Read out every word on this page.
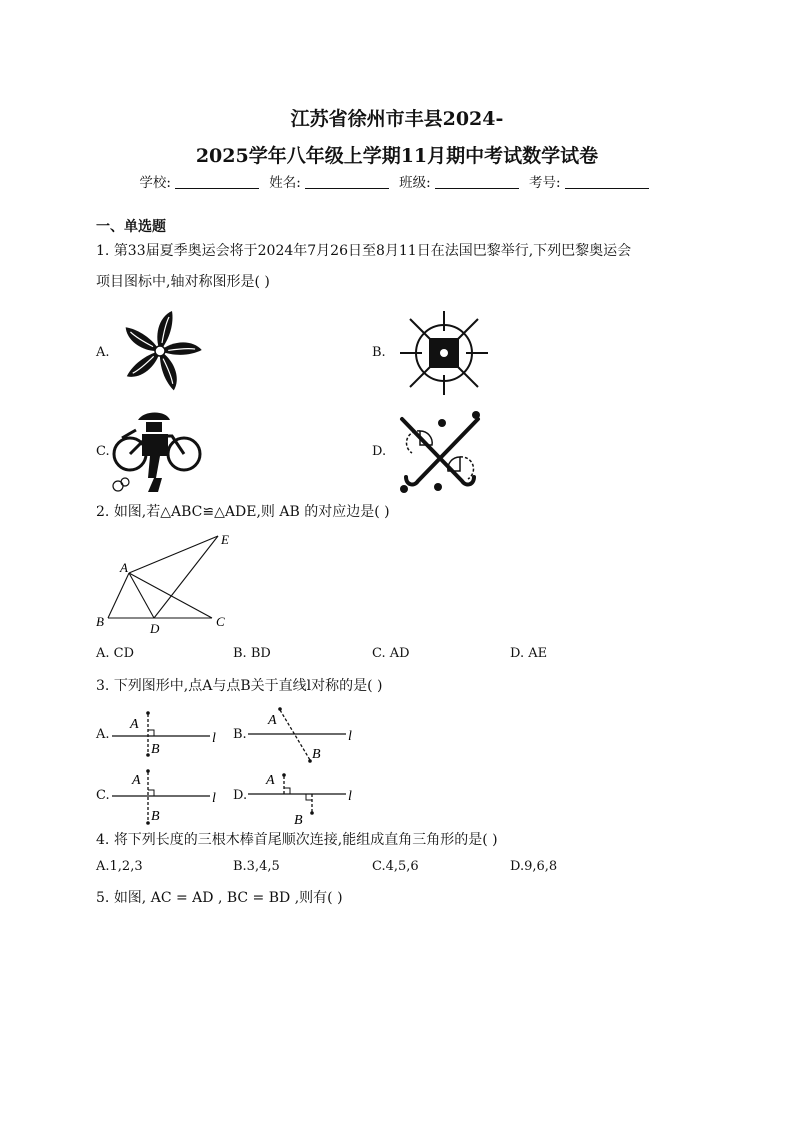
江苏省徐州市丰县2024-
2025学年八年级上学期11月期中考试数学试卷
学校:	姓名:	班级:	考号:
一、单选题
1. 第33届夏季奥运会将于2024年7月26日至8月11日在法国巴黎举行,下列巴黎奥运会
项目图标中,轴对称图形是( )
A.	B.
C.	D.
2. 如图,若△ABC≌△ADE,则 AB 的对应边是( )
A
B	C
D
E
A. CD	B. BD	C. AD	D. AE
3. 下列图形中,点A与点B关于直线l对称的是( )
A.	B.
C.	D.
A
B
l
A
B
l
A
B
l
A
B
l
4. 将下列长度的三根木棒首尾顺次连接,能组成直角三角形的是( )
A.1,2,3	B.3,4,5	C.4,5,6	D.9,6,8
5. 如图, AC = AD , BC = BD ,则有( )
